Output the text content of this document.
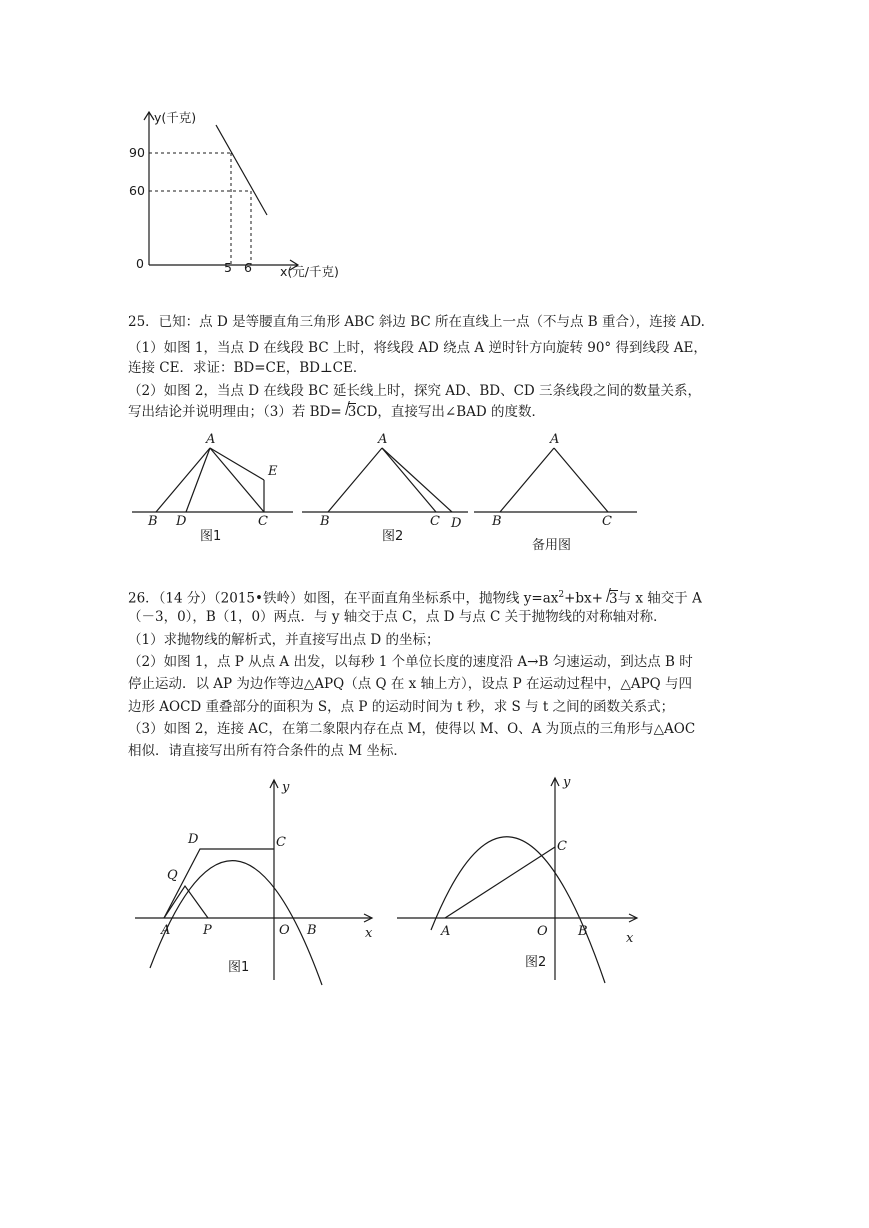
y(千克)
90
60
0	5 6 x(元/千克)
25．已知：点 D 是等腰直角三角形 ABC 斜边 BC 所在直线上一点（不与点 B 重合），连接 AD.
（1）如图 1，当点 D 在线段 BC 上时，将线段 AD 绕点 A 逆时针方向旋转 90° 得到线段 AE，
连接 CE．求证：BD=CE，BD⊥CE．
（2）如图 2，当点 D 在线段 BC 延长线上时，探究 AD、BD、CD 三条线段之间的数量关系，
写出结论并说明理由；（3）若 BD= 3CD，直接写出∠BAD 的度数．
A
E
B D	C
图1
A
B	C D
图2
A
B	C
备用图
26．（14 分）（2015•铁岭）如图，在平面直角坐标系中，抛物线 $y=ax^2+bx+ 3$与 x 轴交于 A
（－3，0），B（1，0）两点．与 y 轴交于点 C，点 D 与点 C 关于抛物线的对称轴对称．
（1）求抛物线的解析式，并直接写出点 D 的坐标；
（2）如图 1，点 P 从点 A 出发，以每秒 1 个单位长度的速度沿 A→B 匀速运动，到达点 B 时
停止运动．以 AP 为边作等边△APQ（点 Q 在 x 轴上方），设点 P 在运动过程中，△APQ 与四
边形 AOCD 重叠部分的面积为 S，点 P 的运动时间为 t 秒，求 S 与 t 之间的函数关系式；
（3）如图 2，连接 AC，在第二象限内存在点 M，使得以 M、O、A 为顶点的三角形与△AOC
相似．请直接写出所有符合条件的点 M 坐标．
y
D	C
Q
A	P	O B	x
图1
y
C
A	O B	x
图2
